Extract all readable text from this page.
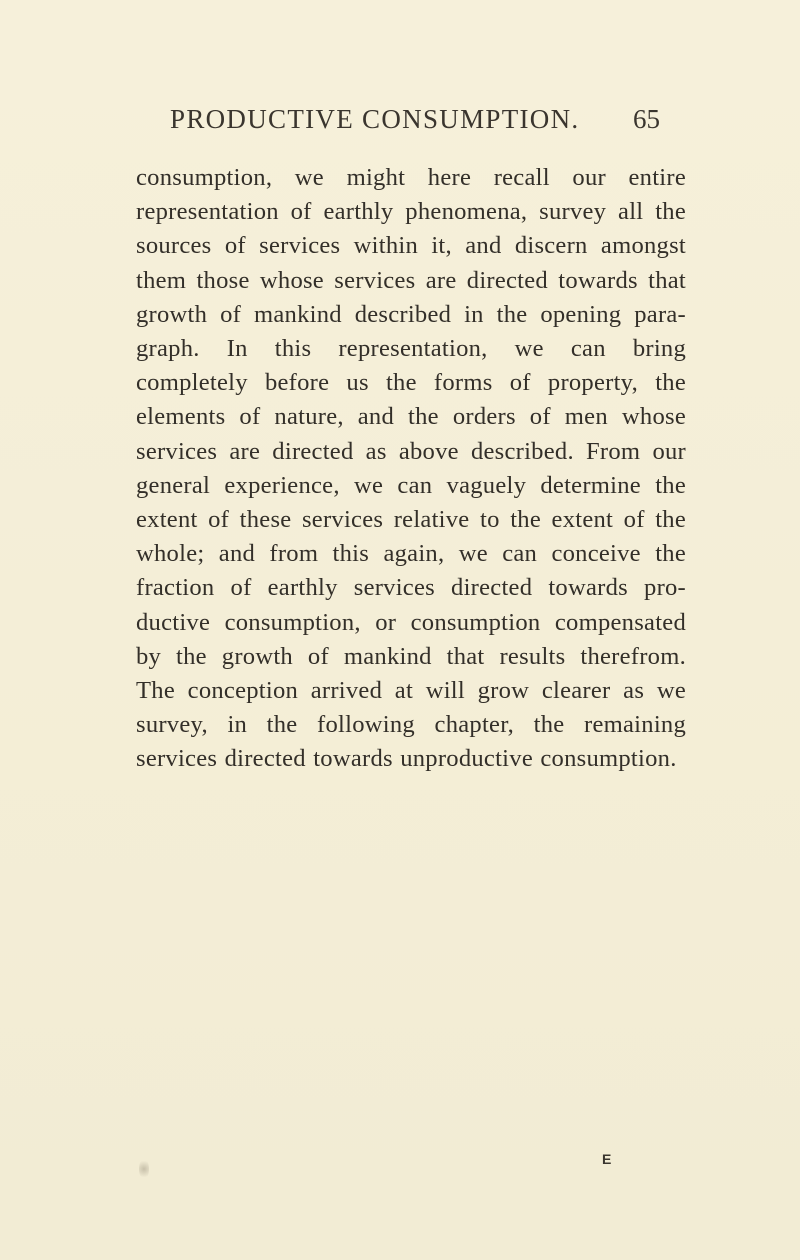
PRODUCTIVE CONSUMPTION.	65

consumption, we might here recall our entire
representation of earthly phenomena, survey all the
sources of services within it, and discern amongst
them those whose services are directed towards that
growth of mankind described in the opening para-
graph. In this representation, we can bring
completely before us the forms of property, the
elements of nature, and the orders of men whose
services are directed as above described. From our
general experience, we can vaguely determine the
extent of these services relative to the extent of the
whole; and from this again, we can conceive the
fraction of earthly services directed towards pro-
ductive consumption, or consumption compensated
by the growth of mankind that results therefrom.
The conception arrived at will grow clearer as we
survey, in the following chapter, the remaining
services directed towards unproductive consumption.

E
